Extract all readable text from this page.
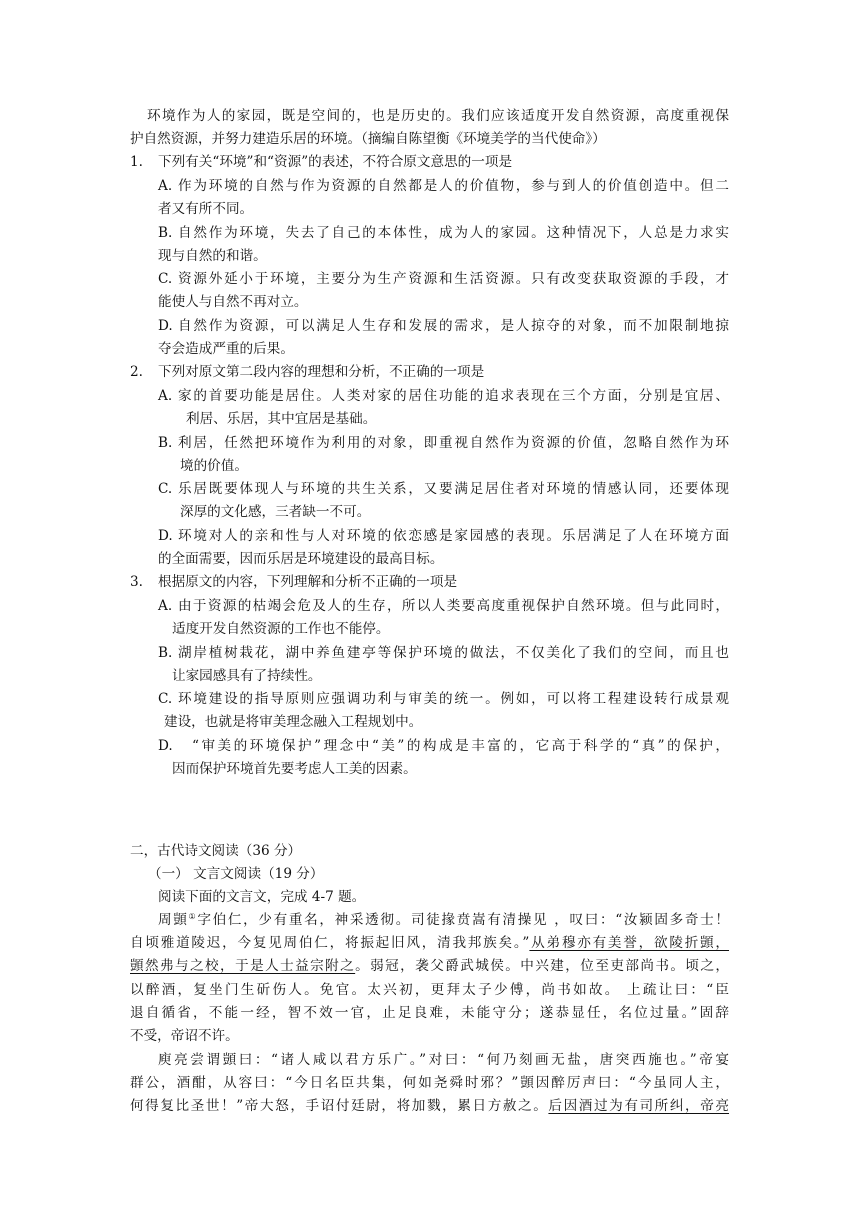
环境作为人的家园，既是空间的，也是历史的。我们应该适度开发自然资源，高度重视保
护自然资源，并努力建造乐居的环境。（摘编自陈望衡《环境美学的当代使命》）
1. 下列有关“环境”和“资源”的表述，不符合原文意思的一项是
A. 作为环境的自然与作为资源的自然都是人的价值物，参与到人的价值创造中。但二
者又有所不同。
B. 自然作为环境，失去了自己的本体性，成为人的家园。这种情况下，人总是力求实
现与自然的和谐。
C. 资源外延小于环境，主要分为生产资源和生活资源。只有改变获取资源的手段，才
能使人与自然不再对立。
D. 自然作为资源，可以满足人生存和发展的需求，是人掠夺的对象，而不加限制地掠
夺会造成严重的后果。
2. 下列对原文第二段内容的理想和分析，不正确的一项是
A. 家的首要功能是居住。人类对家的居住功能的追求表现在三个方面，分别是宜居、
利居、乐居，其中宜居是基础。
B. 利居，任然把环境作为利用的对象，即重视自然作为资源的价值，忽略自然作为环
境的价值。
C. 乐居既要体现人与环境的共生关系，又要满足居住者对环境的情感认同，还要体现
深厚的文化感，三者缺一不可。
D. 环境对人的亲和性与人对环境的依恋感是家园感的表现。乐居满足了人在环境方面
的全面需要，因而乐居是环境建设的最高目标。
3. 根据原文的内容，下列理解和分析不正确的一项是
A. 由于资源的枯竭会危及人的生存，所以人类要高度重视保护自然环境。但与此同时，
适度开发自然资源的工作也不能停。
B. 湖岸植树栽花，湖中养鱼建亭等保护环境的做法，不仅美化了我们的空间，而且也
让家园感具有了持续性。
C. 环境建设的指导原则应强调功利与审美的统一。例如，可以将工程建设转行成景观
建设，也就是将审美理念融入工程规划中。
D. “审美的环境保护”理念中“美”的构成是丰富的，它高于科学的“真”的保护，
因而保护环境首先要考虑人工美的因素。
二，古代诗文阅读（36 分）
（一） 文言文阅读（19 分）
阅读下面的文言文，完成 4-7 题。
周顗①字伯仁，少有重名，神采透彻。司徒掾贲嵩有清操见 ，叹曰：“汝颍固多奇士！
自顷雅道陵迟，今复见周伯仁，将振起旧风，清我邦族矣。”从弟穆亦有美誉，欲陵折顗，
顗然弗与之校，于是人士益宗附之。弱冠，袭父爵武城侯。中兴建，位至吏部尚书。顷之，
以醉酒，复坐门生斫伤人。免官。太兴初，更拜太子少傅，尚书如故。 上疏让曰：“臣
退自循省，不能一经，智不效一官，止足良难，未能守分；遂恭显任，名位过量。”固辞
不受，帝诏不许。
庾亮尝谓顗曰：“诸人咸以君方乐广。”对曰：“何乃刻画无盐，唐突西施也。”帝宴
群公，酒酣，从容曰：“今日名臣共集，何如尧舜时邪？”顗因醉厉声曰：“今虽同人主，
何得复比圣世！”帝大怒，手诏付廷尉，将加戮，累日方赦之。后因酒过为有司所纠，帝亮
